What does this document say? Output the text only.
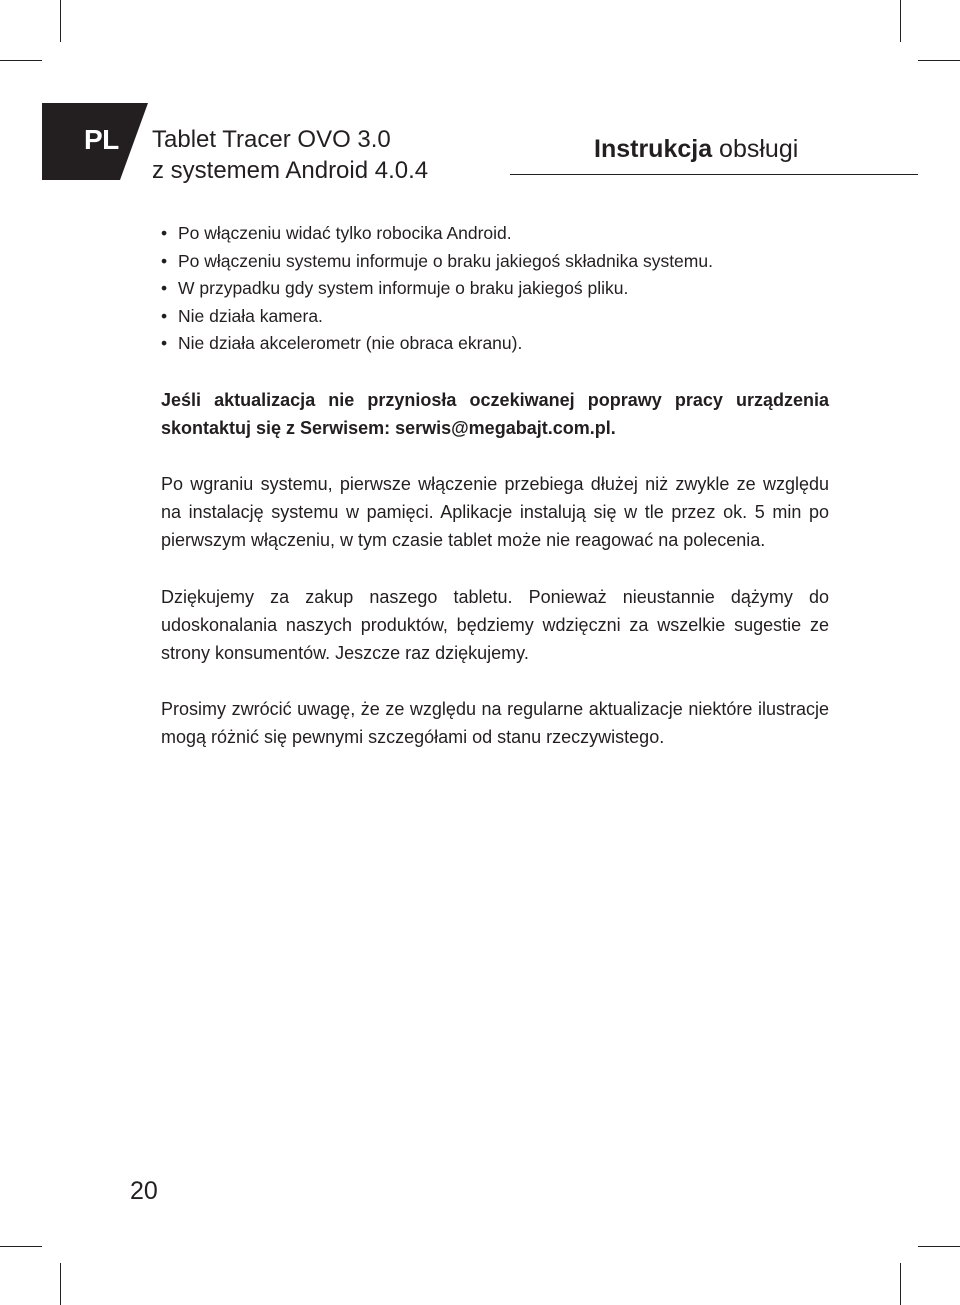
PL Tablet Tracer OVO 3.0
z systemem Android 4.0.4
Instrukcja obsługi
• Po włączeniu widać tylko robocika Android.
• Po włączeniu systemu informuje o braku jakiegoś składnika systemu.
• W przypadku gdy system informuje o braku jakiegoś pliku.
• Nie działa kamera.
• Nie działa akcelerometr (nie obraca ekranu).

Jeśli aktualizacja nie przyniosła oczekiwanej poprawy pracy urządzenia skontaktuj się z Serwisem: serwis@megabajt.com.pl.

Po wgraniu systemu, pierwsze włączenie przebiega dłużej niż zwykle ze względu na instalację systemu w pamięci. Aplikacje instalują się w tle przez ok. 5 min po pierwszym włączeniu, w tym czasie tablet może nie reagować na polecenia.

Dziękujemy za zakup naszego tabletu. Ponieważ nieustannie dążymy do udoskonalania naszych produktów, będziemy wdzięczni za wszelkie sugestie ze strony konsumentów. Jeszcze raz dziękujemy.

Prosimy zwrócić uwagę, że ze względu na regularne aktualizacje niektóre ilustracje mogą różnić się pewnymi szczegółami od stanu rzeczywistego.

20
